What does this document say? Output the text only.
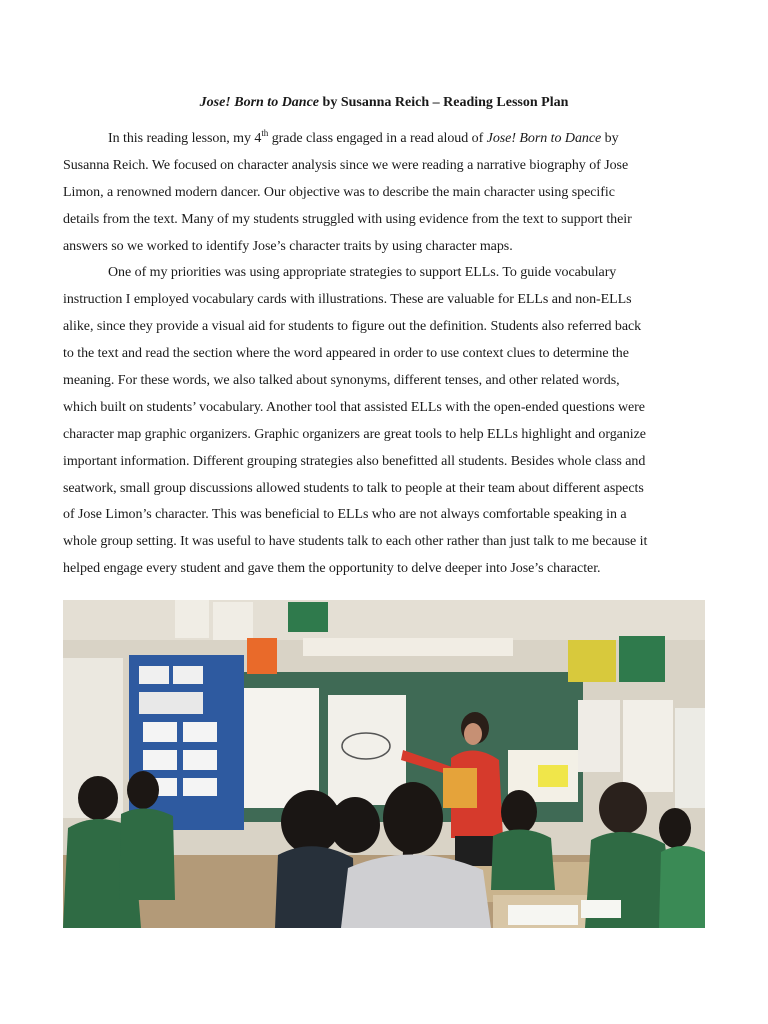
Jose! Born to Dance by Susanna Reich – Reading Lesson Plan
In this reading lesson, my 4th grade class engaged in a read aloud of Jose! Born to Dance by
Susanna Reich. We focused on character analysis since we were reading a narrative biography of Jose
Limon, a renowned modern dancer. Our objective was to describe the main character using specific
details from the text. Many of my students struggled with using evidence from the text to support their
answers so we worked to identify Jose’s character traits by using character maps.
One of my priorities was using appropriate strategies to support ELLs. To guide vocabulary
instruction I employed vocabulary cards with illustrations. These are valuable for ELLs and non-ELLs
alike, since they provide a visual aid for students to figure out the definition. Students also referred back
to the text and read the section where the word appeared in order to use context clues to determine the
meaning. For these words, we also talked about synonyms, different tenses, and other related words,
which built on students’ vocabulary. Another tool that assisted ELLs with the open-ended questions were
character map graphic organizers. Graphic organizers are great tools to help ELLs highlight and organize
important information. Different grouping strategies also benefitted all students. Besides whole class and
seatwork, small group discussions allowed students to talk to people at their team about different aspects
of Jose Limon’s character. This was beneficial to ELLs who are not always comfortable speaking in a
whole group setting. It was useful to have students talk to each other rather than just talk to me because it
helped engage every student and gave them the opportunity to delve deeper into Jose’s character.
